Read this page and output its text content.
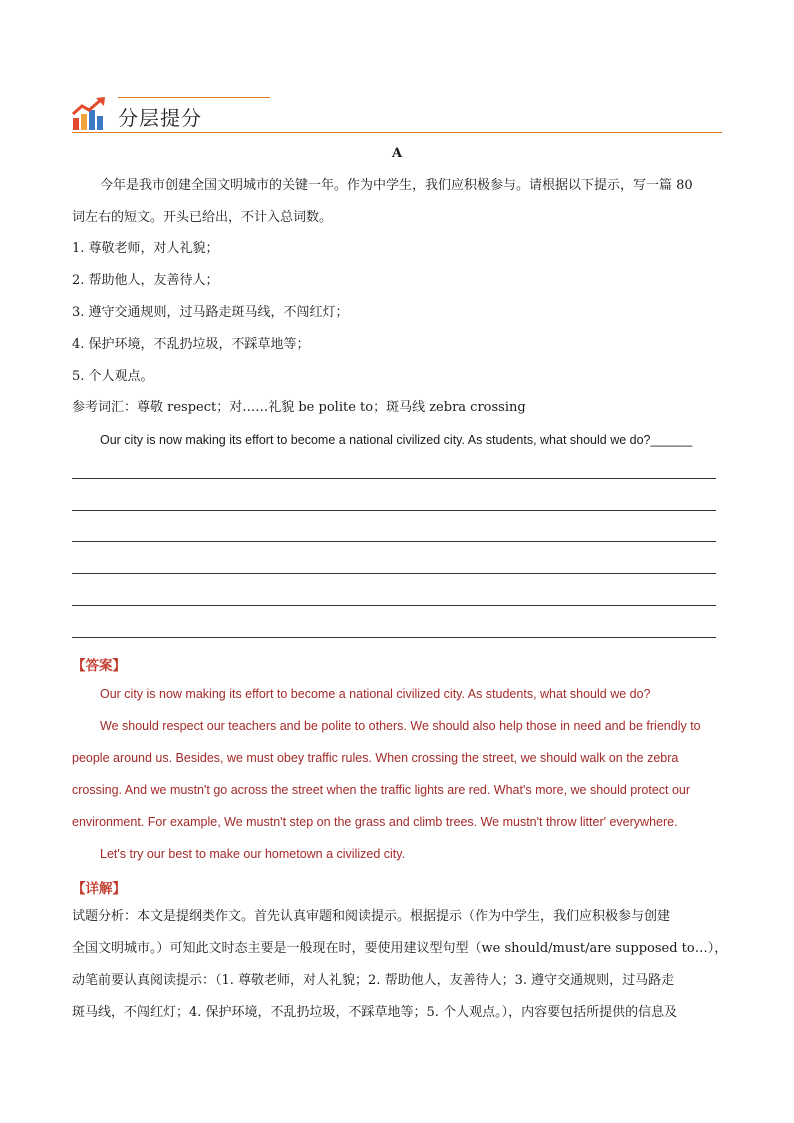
分层提分
A
今年是我市创建全国文明城市的关键一年。作为中学生，我们应积极参与。请根据以下提示，写一篇 80
词左右的短文。开头已给出，不计入总词数。
1. 尊敬老师，对人礼貌；
2. 帮助他人，友善待人；
3. 遵守交通规则，过马路走斑马线，不闯红灯；
4. 保护环境，不乱扔垃圾，不踩草地等；
5. 个人观点。
参考词汇：尊敬 respect；对……礼貌 be polite to；斑马线 zebra crossing
Our city is now making its effort to become a national civilized city. As students, what should we do?______
【答案】
Our city is now making its effort to become a national civilized city. As students, what should we do?
We should respect our teachers and be polite to others. We should also help those in need and be friendly to
people around us. Besides, we must obey traffic rules. When crossing the street, we should walk on the zebra
crossing. And we mustn't go across the street when the traffic lights are red. What's more, we should protect our
environment. For example, We mustn't step on the grass and climb trees. We mustn't throw litter' everywhere.
Let's try our best to make our hometown a civilized city.
【详解】
试题分析：本文是提纲类作文。首先认真审题和阅读提示。根据提示（作为中学生，我们应积极参与创建
全国文明城市。）可知此文时态主要是一般现在时，要使用建议型句型（we should/must/are supposed to…），
动笔前要认真阅读提示：（1. 尊敬老师，对人礼貌；2. 帮助他人，友善待人；3. 遵守交通规则，过马路走
斑马线，不闯红灯；4. 保护环境，不乱扔垃圾，不踩草地等；5. 个人观点。），内容要包括所提供的信息及
